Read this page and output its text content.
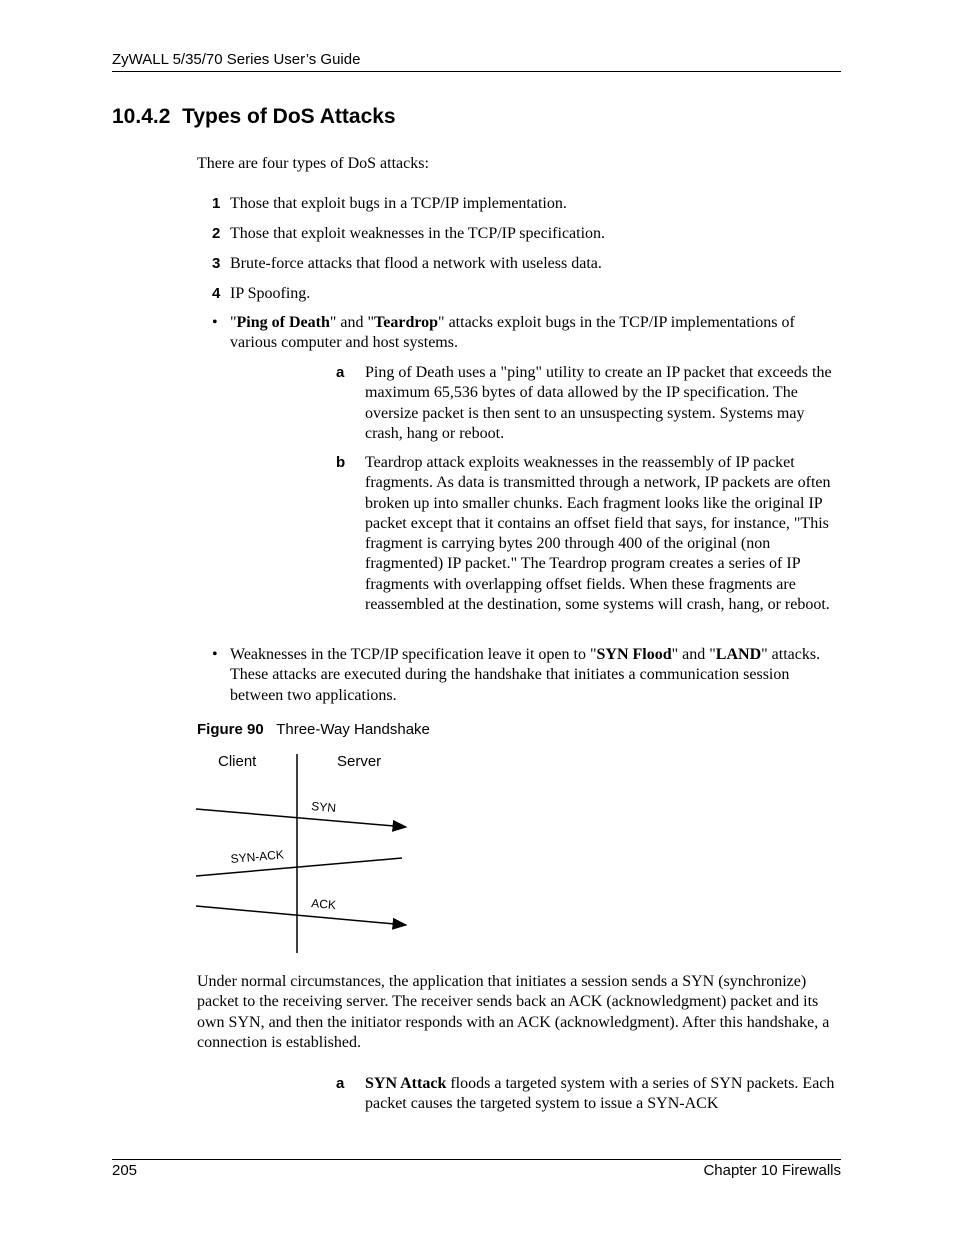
ZyWALL 5/35/70 Series User’s Guide
10.4.2 Types of DoS Attacks
There are four types of DoS attacks:
1 Those that exploit bugs in a TCP/IP implementation.
2 Those that exploit weaknesses in the TCP/IP specification.
3 Brute-force attacks that flood a network with useless data.
4 IP Spoofing.
• "Ping of Death" and "Teardrop" attacks exploit bugs in the TCP/IP implementations of various computer and host systems.
a Ping of Death uses a "ping" utility to create an IP packet that exceeds the maximum 65,536 bytes of data allowed by the IP specification. The oversize packet is then sent to an unsuspecting system. Systems may crash, hang or reboot.
b Teardrop attack exploits weaknesses in the reassembly of IP packet fragments. As data is transmitted through a network, IP packets are often broken up into smaller chunks. Each fragment looks like the original IP packet except that it contains an offset field that says, for instance, "This fragment is carrying bytes 200 through 400 of the original (non fragmented) IP packet." The Teardrop program creates a series of IP fragments with overlapping offset fields. When these fragments are reassembled at the destination, some systems will crash, hang, or reboot.
• Weaknesses in the TCP/IP specification leave it open to "SYN Flood" and "LAND" attacks. These attacks are executed during the handshake that initiates a communication session between two applications.
Figure 90 Three-Way Handshake
Client	Server
SYN
SYN-ACK
ACK
Under normal circumstances, the application that initiates a session sends a SYN (synchronize) packet to the receiving server. The receiver sends back an ACK (acknowledgment) packet and its own SYN, and then the initiator responds with an ACK (acknowledgment). After this handshake, a connection is established.
a SYN Attack floods a targeted system with a series of SYN packets. Each packet causes the targeted system to issue a SYN-ACK
205	Chapter 10 Firewalls
